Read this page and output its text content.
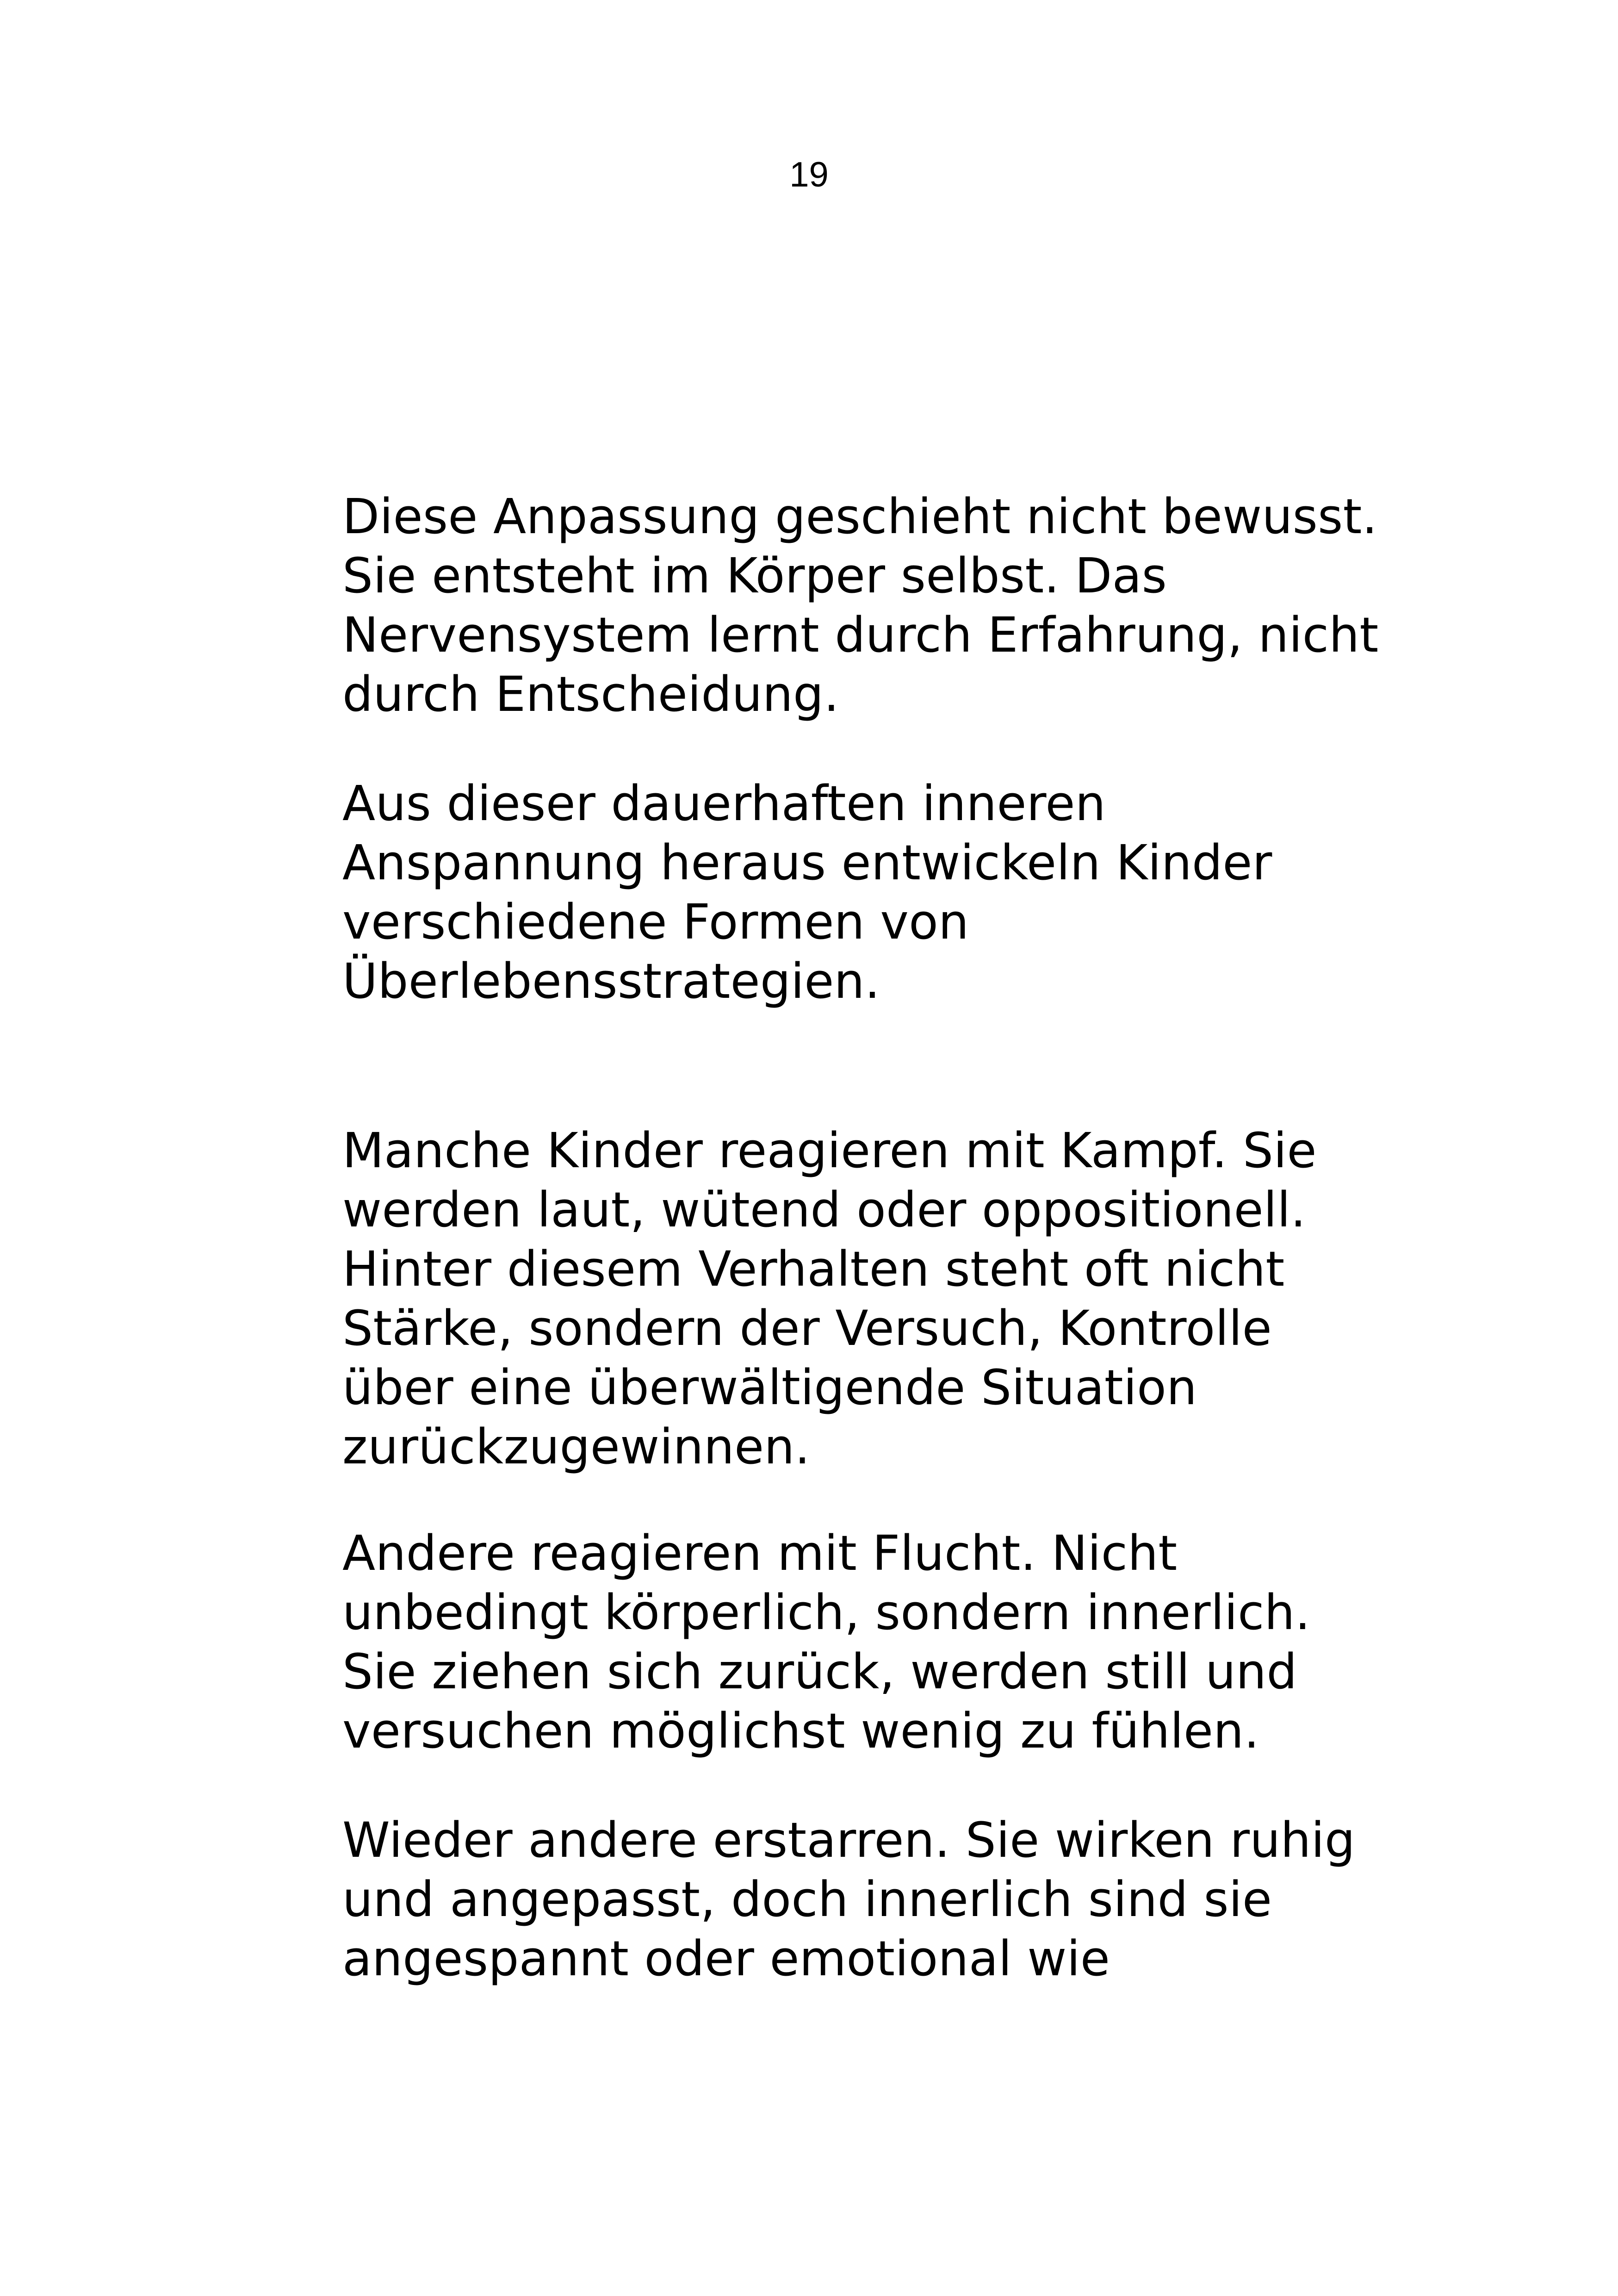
19

Diese Anpassung geschieht nicht bewusst.
Sie entsteht im Körper selbst. Das
Nervensystem lernt durch Erfahrung, nicht
durch Entscheidung.

Aus dieser dauerhaften inneren
Anspannung heraus entwickeln Kinder
verschiedene Formen von
Überlebensstrategien.

Manche Kinder reagieren mit Kampf. Sie
werden laut, wütend oder oppositionell.
Hinter diesem Verhalten steht oft nicht
Stärke, sondern der Versuch, Kontrolle
über eine überwältigende Situation
zurückzugewinnen.

Andere reagieren mit Flucht. Nicht
unbedingt körperlich, sondern innerlich.
Sie ziehen sich zurück, werden still und
versuchen möglichst wenig zu fühlen.

Wieder andere erstarren. Sie wirken ruhig
und angepasst, doch innerlich sind sie
angespannt oder emotional wie
